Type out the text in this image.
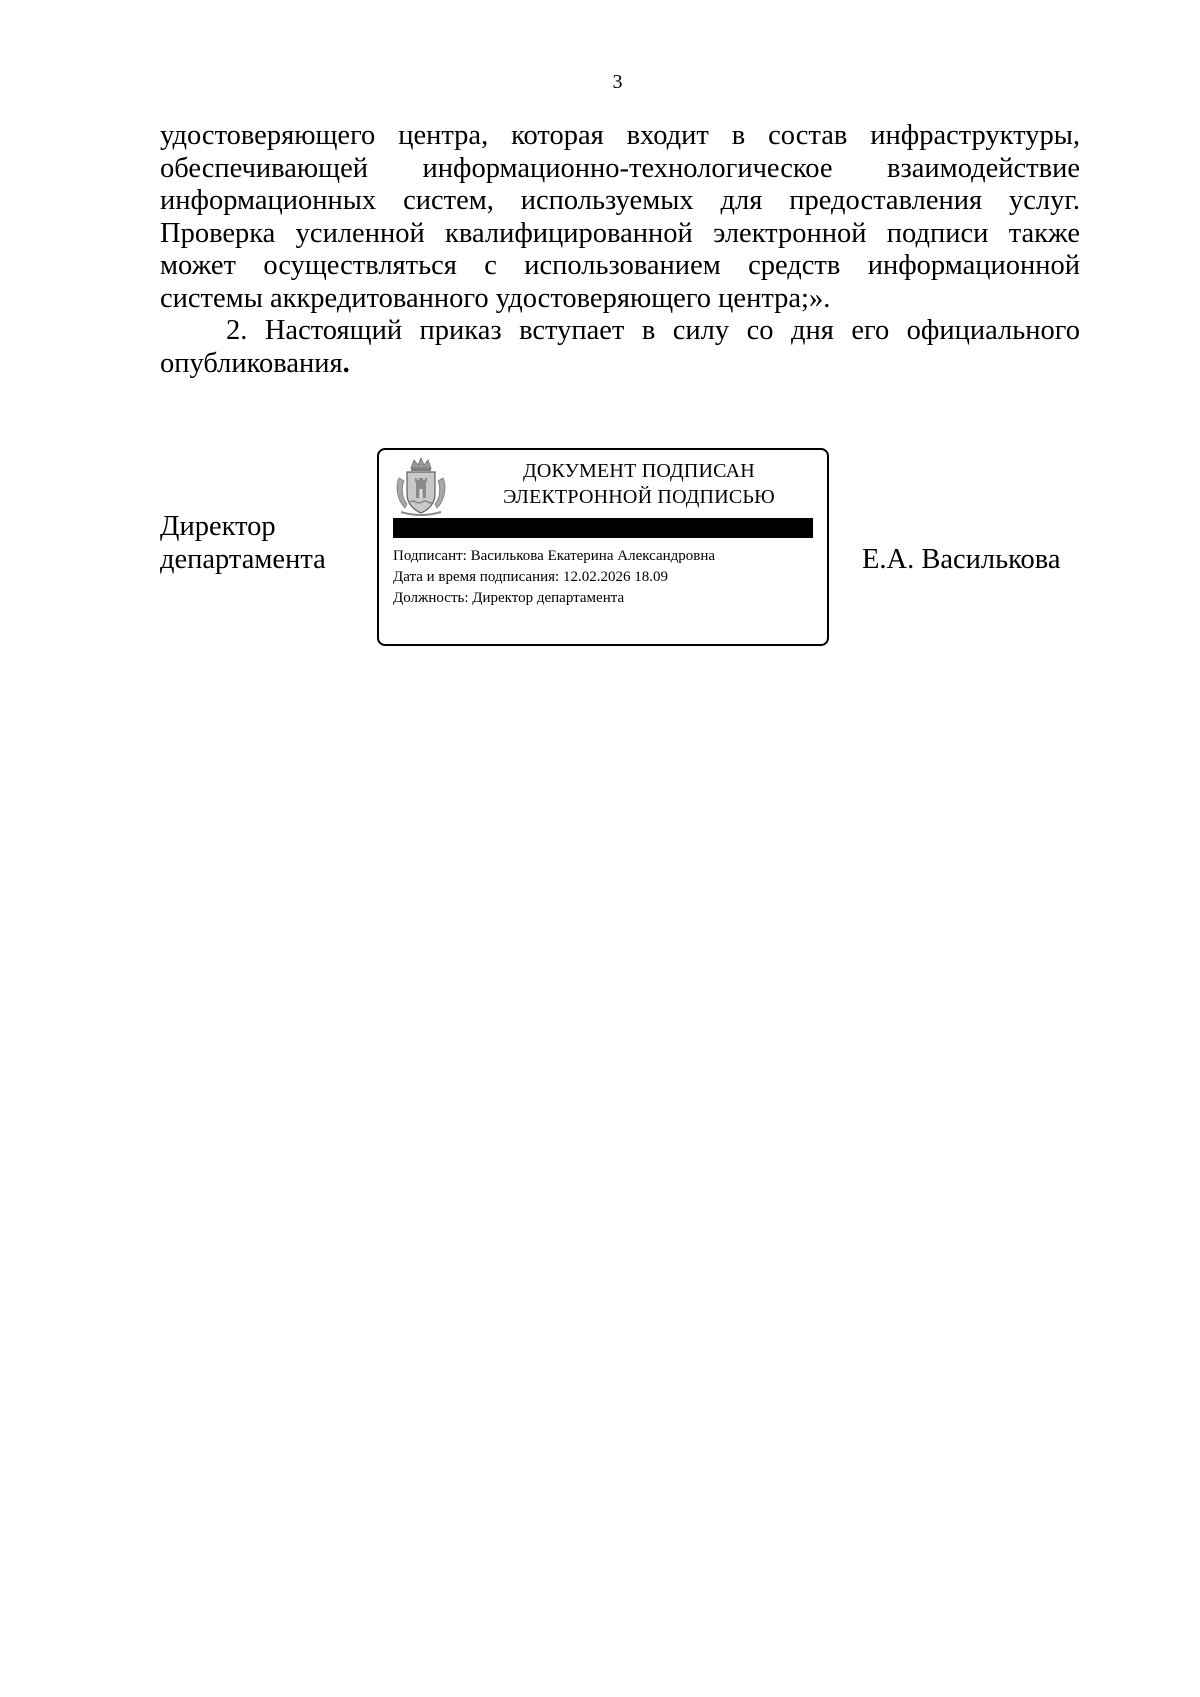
3

удостоверяющего центра, которая входит в состав инфраструктуры, обеспечивающей информационно-технологическое взаимодействие информационных систем, используемых для предоставления услуг. Проверка усиленной квалифицированной электронной подписи также может осуществляться с использованием средств информационной системы аккредитованного удостоверяющего центра;».

2. Настоящий приказ вступает в силу со дня его официального опубликования.

Директор
департамента
ДОКУМЕНТ ПОДПИСАН
ЭЛЕКТРОННОЙ ПОДПИСЬЮ
Подписант: Василькова Екатерина Александровна
Дата и время подписания: 12.02.2026 18.09
Должность: Директор департамента
Е.А. Василькова
